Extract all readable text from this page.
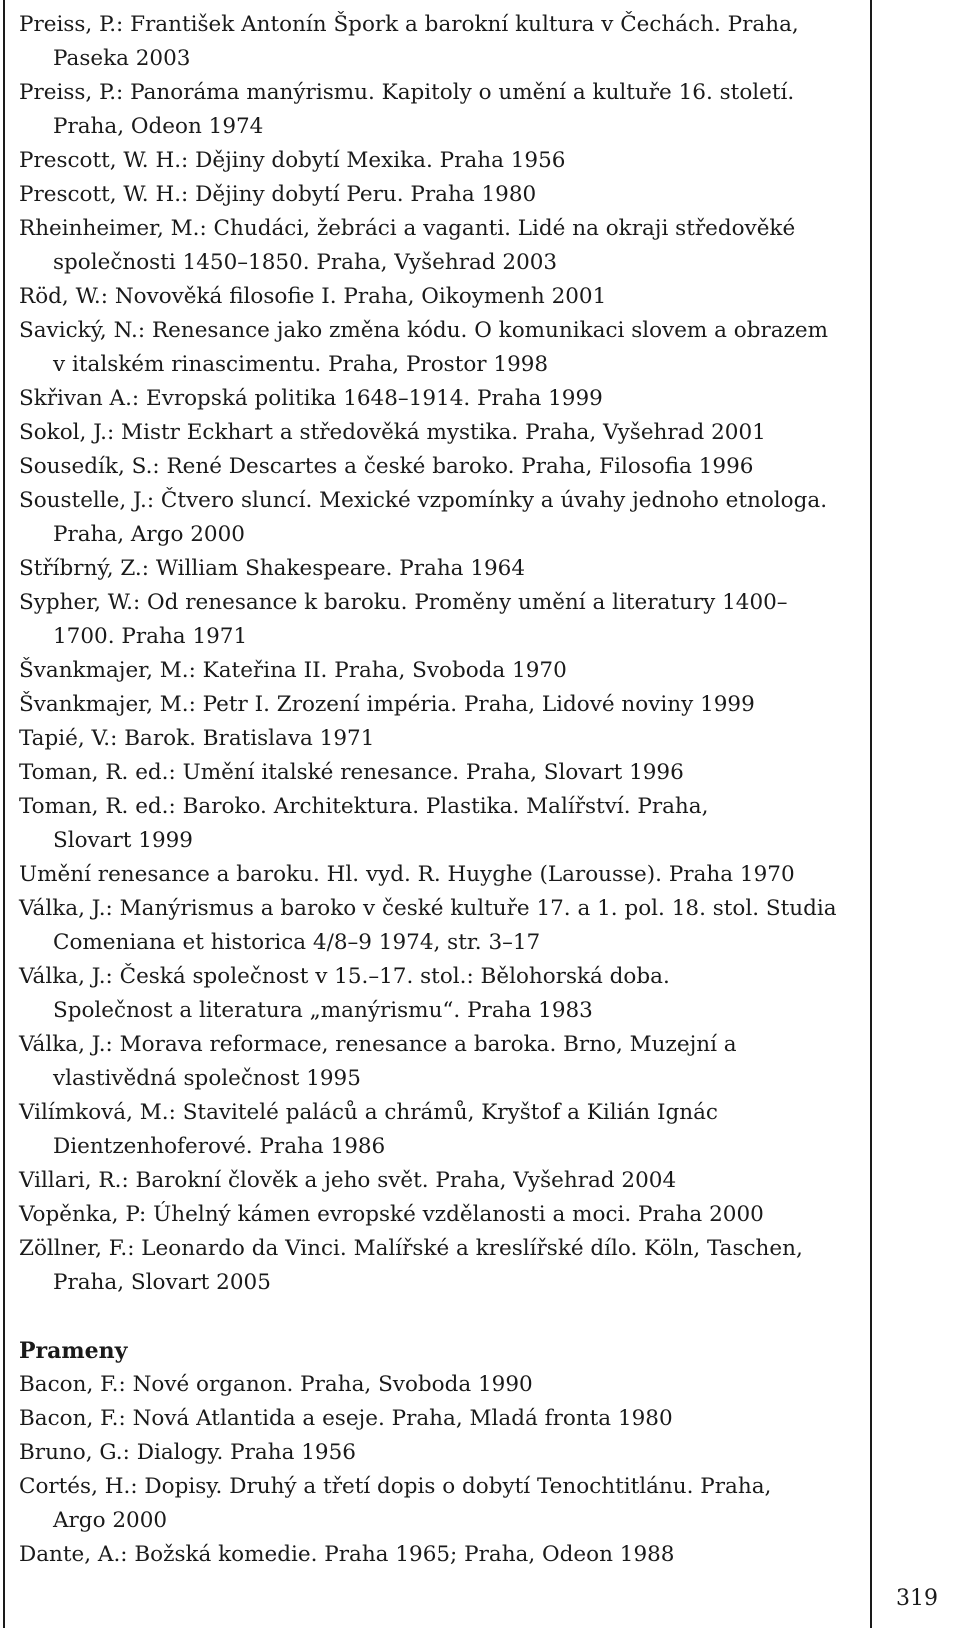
Preiss, P.: František Antonín Špork a barokní kultura v Čechách. Praha,
Paseka 2003
Preiss, P.: Panoráma manýrismu. Kapitoly o umění a kultuře 16. století.
Praha, Odeon 1974
Prescott, W. H.: Dějiny dobytí Mexika. Praha 1956
Prescott, W. H.: Dějiny dobytí Peru. Praha 1980
Rheinheimer, M.: Chudáci, žebráci a vaganti. Lidé na okraji středověké
společnosti 1450–1850. Praha, Vyšehrad 2003
Röd, W.: Novověká filosofie I. Praha, Oikoymenh 2001
Savický, N.: Renesance jako změna kódu. O komunikaci slovem a obrazem
v italském rinascimentu. Praha, Prostor 1998
Skřivan A.: Evropská politika 1648–1914. Praha 1999
Sokol, J.: Mistr Eckhart a středověká mystika. Praha, Vyšehrad 2001
Sousedík, S.: René Descartes a české baroko. Praha, Filosofia 1996
Soustelle, J.: Čtvero sluncí. Mexické vzpomínky a úvahy jednoho etnologa.
Praha, Argo 2000
Stříbrný, Z.: William Shakespeare. Praha 1964
Sypher, W.: Od renesance k baroku. Proměny umění a literatury 1400–
1700. Praha 1971
Švankmajer, M.: Kateřina II. Praha, Svoboda 1970
Švankmajer, M.: Petr I. Zrození impéria. Praha, Lidové noviny 1999
Tapié, V.: Barok. Bratislava 1971
Toman, R. ed.: Umění italské renesance. Praha, Slovart 1996
Toman, R. ed.: Baroko. Architektura. Plastika. Malířství. Praha,
Slovart 1999
Umění renesance a baroku. Hl. vyd. R. Huyghe (Larousse). Praha 1970
Válka, J.: Manýrismus a baroko v české kultuře 17. a 1. pol. 18. stol. Studia
Comeniana et historica 4/8–9 1974, str. 3–17
Válka, J.: Česká společnost v 15.–17. stol.: Bělohorská doba.
Společnost a literatura „manýrismu“. Praha 1983
Válka, J.: Morava reformace, renesance a baroka. Brno, Muzejní a
vlastivědná společnost 1995
Vilímková, M.: Stavitelé paláců a chrámů, Kryštof a Kilián Ignác
Dientzenhoferové. Praha 1986
Villari, R.: Barokní člověk a jeho svět. Praha, Vyšehrad 2004
Vopěnka, P: Úhelný kámen evropské vzdělanosti a moci. Praha 2000
Zöllner, F.: Leonardo da Vinci. Malířské a kreslířské dílo. Köln, Taschen,
Praha, Slovart 2005
Prameny
Bacon, F.: Nové organon. Praha, Svoboda 1990
Bacon, F.: Nová Atlantida a eseje. Praha, Mladá fronta 1980
Bruno, G.: Dialogy. Praha 1956
Cortés, H.: Dopisy. Druhý a třetí dopis o dobytí Tenochtitlánu. Praha,
Argo 2000
Dante, A.: Božská komedie. Praha 1965; Praha, Odeon 1988
319
